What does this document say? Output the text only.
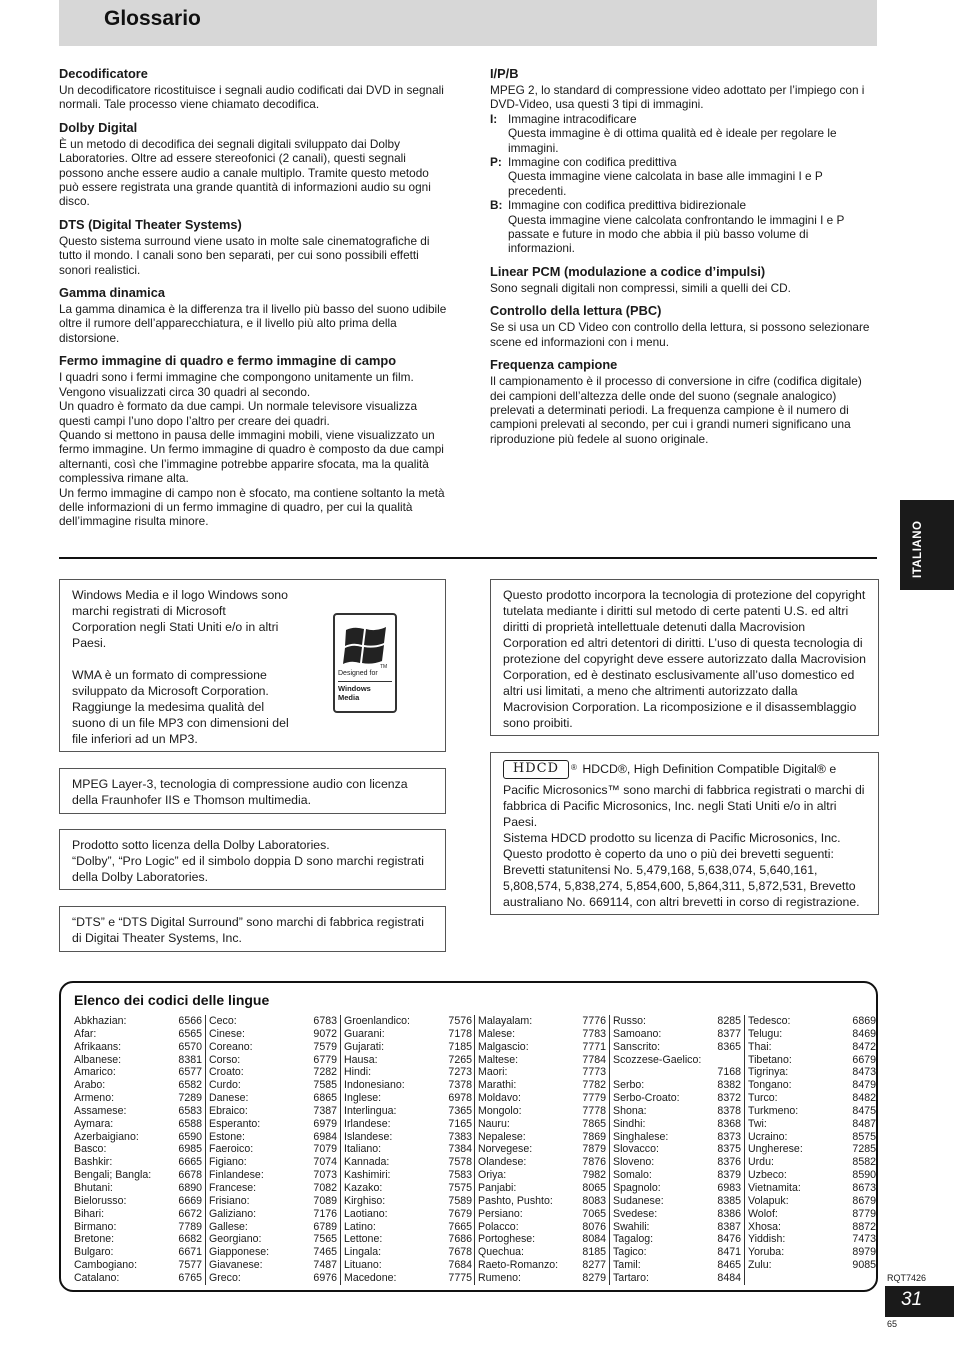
Glossario
Decodificatore
Un decodificatore ricostituisce i segnali audio codificati dai DVD in segnali normali. Tale processo viene chiamato decodifica.
Dolby Digital
È un metodo di decodifica dei segnali digitali sviluppato dai Dolby Laboratories. Oltre ad essere stereofonici (2 canali), questi segnali possono anche essere audio a canale multiplo. Tramite questo metodo può essere registrata una grande quantità di informazioni audio su ogni disco.
DTS (Digital Theater Systems)
Questo sistema surround viene usato in molte sale cinematografiche di tutto il mondo. I canali sono ben separati, per cui sono possibili effetti sonori realistici.
Gamma dinamica
La gamma dinamica è la differenza tra il livello più basso del suono udibile oltre il rumore dell’apparecchiatura, e il livello più alto prima della distorsione.
Fermo immagine di quadro e fermo immagine di campo
I quadri sono i fermi immagine che compongono unitamente un film. Vengono visualizzati circa 30 quadri al secondo.
Un quadro è formato da due campi. Un normale televisore visualizza questi campi l’uno dopo l’altro per creare dei quadri.
Quando si mettono in pausa delle immagini mobili, viene visualizzato un fermo immagine. Un fermo immagine di quadro è composto da due campi alternanti, così che l’immagine potrebbe apparire sfocata, ma la qualità complessiva rimane alta.
Un fermo immagine di campo non è sfocato, ma contiene soltanto la metà delle informazioni di un fermo immagine di quadro, per cui la qualità dell’immagine risulta minore.
I/P/B
MPEG 2, lo standard di compressione video adottato per l’impiego con i DVD-Video, usa questi 3 tipi di immagini.
I: Immagine intracodificare
Questa immagine è di ottima qualità ed è ideale per regolare le immagini.
P: Immagine con codifica predittiva
Questa immagine viene calcolata in base alle immagini I e P precedenti.
B: Immagine con codifica predittiva bidirezionale
Questa immagine viene calcolata confrontando le immagini I e P passate e future in modo che abbia il più basso volume di informazioni.
Linear PCM (modulazione a codice d’impulsi)
Sono segnali digitali non compressi, simili a quelli dei CD.
Controllo della lettura (PBC)
Se si usa un CD Video con controllo della lettura, si possono selezionare scene ed informazioni con i menu.
Frequenza campione
Il campionamento è il processo di conversione in cifre (codifica digitale) dei campioni dell’altezza delle onde del suono (segnale analogico) prelevati a determinati periodi. La frequenza campione è il numero di campioni prelevati al secondo, per cui i grandi numeri significano una riproduzione più fedele al suono originale.
ITALIANO
Windows Media e il logo Windows sono marchi registrati di Microsoft Corporation negli Stati Uniti e/o in altri Paesi.
WMA è un formato di compressione sviluppato da Microsoft Corporation. Raggiunge la medesima qualità del suono di un file MP3 con dimensioni del file inferiori ad un MP3.
TM
Designed for
Windows Media
MPEG Layer-3, tecnologia di compressione audio con licenza della Fraunhofer IIS e Thomson multimedia.
Prodotto sotto licenza della Dolby Laboratories.
“Dolby”, “Pro Logic” ed il simbolo doppia D sono marchi registrati della Dolby Laboratories.
“DTS” e “DTS Digital Surround” sono marchi di fabbrica registrati di Digitai Theater Systems, Inc.
Questo prodotto incorpora la tecnologia di protezione del copyright tutelata mediante i diritti sul metodo di certe patenti U.S. ed altri diritti di proprietà intellettuale detenuti dalla Macrovision Corporation ed altri detentori di diritti. L’uso di questa tecnologia di protezione del copyright deve essere autorizzato dalla Macrovision Corporation, ed è destinato esclusivamente all’uso domestico ed altri usi limitati, a meno che altrimenti autorizzato dalla Macrovision Corporation. La ricomposizione e il disassemblaggio sono proibiti.
HDCD ® HDCD®, High Definition Compatible Digital® e
Pacific Microsonics™ sono marchi di fabbrica registrati o marchi di fabbrica di Pacific Microsonics, Inc. negli Stati Uniti e/o in altri Paesi.
Sistema HDCD prodotto su licenza di Pacific Microsonics, Inc. Questo prodotto è coperto da uno o più dei brevetti seguenti: Brevetti statunitensi No. 5,479,168, 5,638,074, 5,640,161, 5,808,574, 5,838,274, 5,854,600, 5,864,311, 5,872,531, Brevetto australiano No. 669114, con altri brevetti in corso di registrazione.
Elenco dei codici delle lingue
Abkhazian:	6566
Afar:	6565
Afrikaans:	6570
Albanese:	8381
Amarico:	6577
Arabo:	6582
Armeno:	7289
Assamese:	6583
Aymara:	6588
Azerbaigiano:	6590
Basco:	6985
Bashkir:	6665
Bengali; Bangla:	6678
Bhutani:	6890
Bielorusso:	6669
Bihari:	6672
Birmano:	7789
Bretone:	6682
Bulgaro:	6671
Cambogiano:	7577
Catalano:	6765
Ceco:	6783
Cinese:	9072
Coreano:	7579
Corso:	6779
Croato:	7282
Curdo:	7585
Danese:	6865
Ebraico:	7387
Esperanto:	6979
Estone:	6984
Faeroico:	7079
Figiano:	7074
Finlandese:	7073
Francese:	7082
Frisiano:	7089
Galiziano:	7176
Gallese:	6789
Georgiano:	7565
Giapponese:	7465
Giavanese:	7487
Greco:	6976
Groenlandico:	7576
Guarani:	7178
Gujarati:	7185
Hausa:	7265
Hindi:	7273
Indonesiano:	7378
Inglese:	6978
Interlingua:	7365
Irlandese:	7165
Islandese:	7383
Italiano:	7384
Kannada:	7578
Kashimiri:	7583
Kazako:	7575
Kirghiso:	7589
Laotiano:	7679
Latino:	7665
Lettone:	7686
Lingala:	7678
Lituano:	7684
Macedone:	7775
Malayalam:	7776
Malese:	7783
Malgascio:	7771
Maltese:	7784
Maori:	7773
Marathi:	7782
Moldavo:	7779
Mongolo:	7778
Nauru:	7865
Nepalese:	7869
Norvegese:	7879
Olandese:	7876
Oriya:	7982
Panjabi:	8065
Pashto, Pushto:	8083
Persiano:	7065
Polacco:	8076
Portoghese:	8084
Quechua:	8185
Raeto-Romanzo: 8277
Rumeno:	8279
Russo:	8285
Samoano:	8377
Sanscrito:	8365
Scozzese-Gaelico:
7168
Serbo:	8382
Serbo-Croato:	8372
Shona:	8378
Sindhi:	8368
Singhalese:	8373
Slovacco:	8375
Sloveno:	8376
Somalo:	8379
Spagnolo:	6983
Sudanese:	8385
Svedese:	8386
Swahili:	8387
Tagalog:	8476
Tagico:	8471
Tamil:	8465
Tartaro:	8484
Tedesco:	6869
Telugu:	8469
Thai:	8472
Tibetano:	6679
Tigrinya:	8473
Tongano:	8479
Turco:	8482
Turkmeno:	8475
Twi:	8487
Ucraino:	8575
Ungherese:	7285
Urdu:	8582
Uzbeco:	8590
Vietnamita:	8673
Volapuk:	8679
Wolof:	8779
Xhosa:	8872
Yiddish:	7473
Yoruba:	8979
Zulu:	9085
RQT7426
31
65
